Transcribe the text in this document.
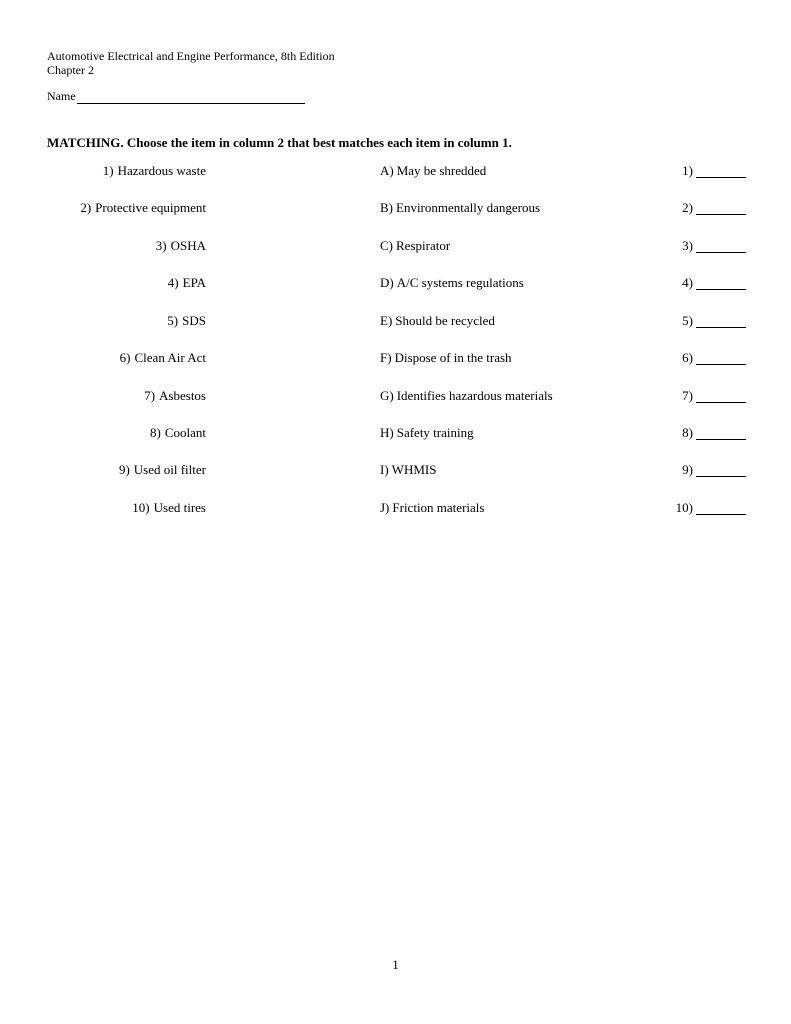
Automotive Electrical and Engine Performance, 8th Edition
Chapter 2
Name
MATCHING. Choose the item in column 2 that best matches each item in column 1.
1) Hazardous waste	A) May be shredded	1)
2) Protective equipment	B) Environmentally dangerous	2)
3) OSHA	C) Respirator	3)
4) EPA	D) A/C systems regulations	4)
5) SDS	E) Should be recycled	5)
6) Clean Air Act	F) Dispose of in the trash	6)
7) Asbestos	G) Identifies hazardous materials	7)
8) Coolant	H) Safety training	8)
9) Used oil filter	I) WHMIS	9)
10) Used tires	J) Friction materials	10)
1
